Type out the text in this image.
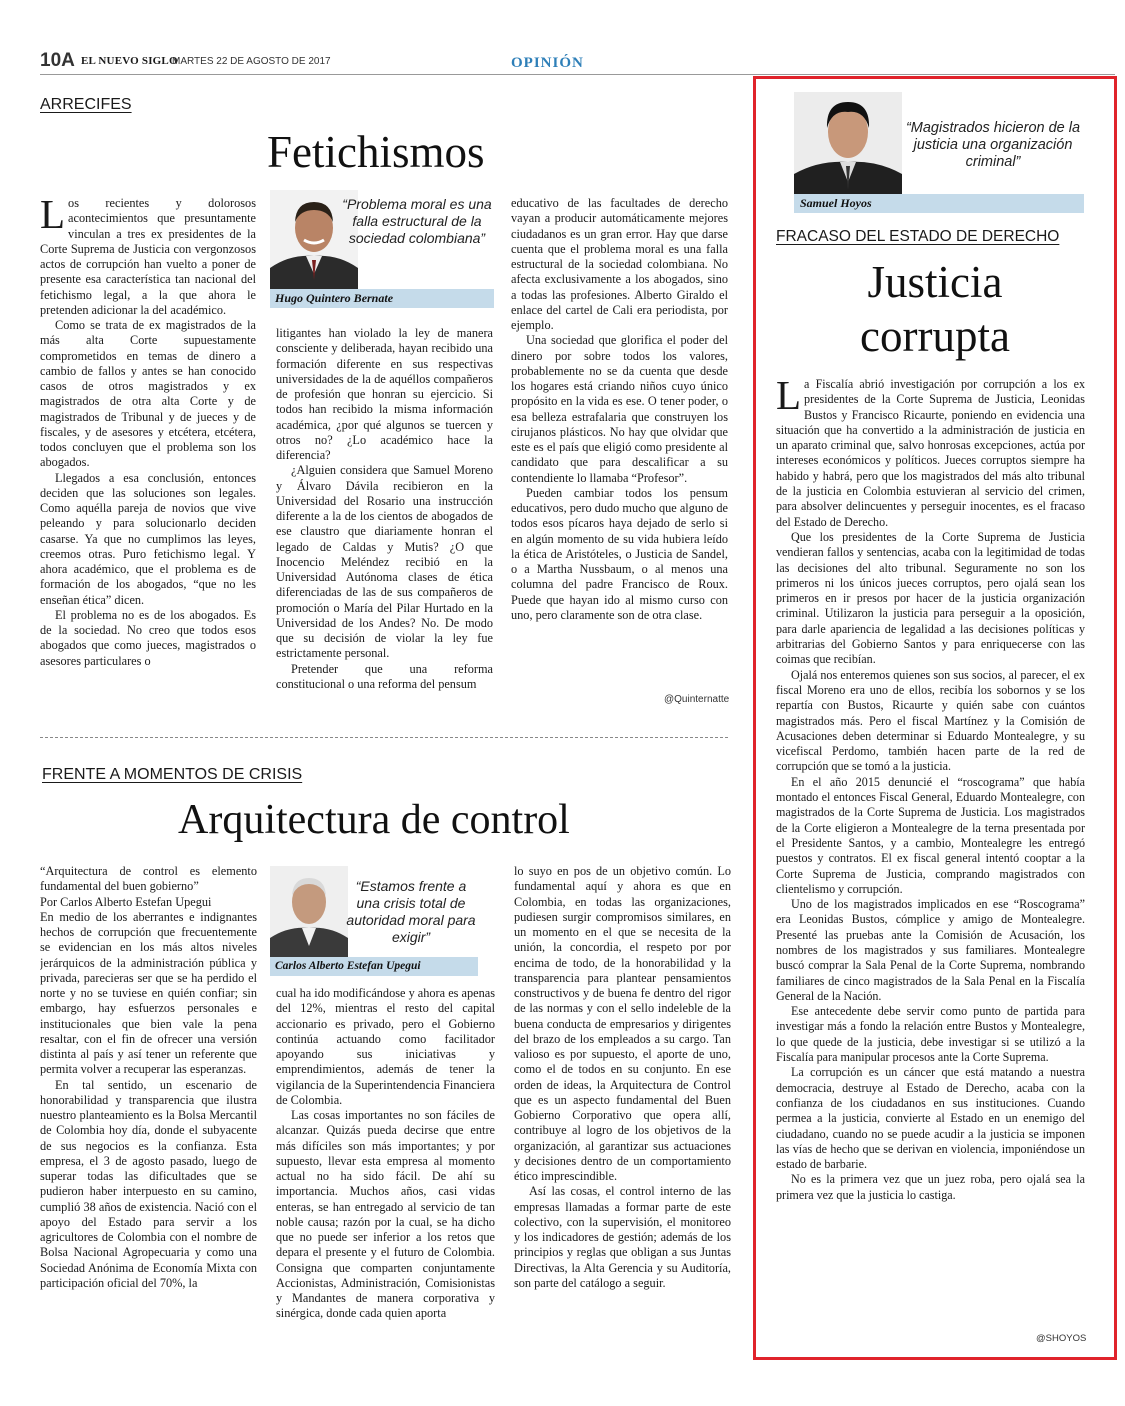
10A EL NUEVO SIGLO
MARTES 22 DE AGOSTO DE 2017	OPINIÓN
ARRECIFES
Fetichismos

Los recientes y dolorosos acontecimientos que presuntamente vinculan a tres ex presidentes de la Corte Suprema de Justicia con vergonzosos actos de corrupción han vuelto a poner de presente esa característica tan nacional del fetichismo legal, a la que ahora le pretenden adicionar la del académico.

Como se trata de ex magistrados de la más alta Corte supuestamente comprometidos en temas de dinero a cambio de fallos y antes se han conocido casos de otros magistrados y ex magistrados de otra alta Corte y de magistrados de Tribunal y de jueces y de fiscales, y de asesores y etcétera, etcétera, todos concluyen que el problema son los abogados.

Llegados a esa conclusión, entonces deciden que las soluciones son legales. Como aquélla pareja de novios que vive peleando y para solucionarlo deciden casarse. Ya que no cumplimos las leyes, creemos otras. Puro fetichismo legal. Y ahora académico, que el problema es de formación de los abogados, “que no les enseñan ética” dicen.

El problema no es de los abogados. Es de la sociedad. No creo que todos esos abogados que como jueces, magistrados o asesores particulares o

“Problema moral es una falla estructural de la sociedad colombiana”
Hugo Quintero Bernate

litigantes han violado la ley de manera consciente y deliberada, hayan recibido una formación diferente en sus respectivas universidades de la de aquéllos compañeros de profesión que honran su ejercicio. Si todos han recibido la misma información académica, ¿por qué algunos se tuercen y otros no? ¿Lo académico hace la diferencia?

¿Alguien considera que Samuel Moreno y Álvaro Dávila recibieron en la Universidad del Rosario una instrucción diferente a la de los cientos de abogados de ese claustro que diariamente honran el legado de Caldas y Mutis? ¿O que Inocencio Meléndez recibió en la Universidad Autónoma clases de ética diferenciadas de las de sus compañeros de promoción o María del Pilar Hurtado en la Universidad de los Andes? No. De modo que su decisión de violar la ley fue estrictamente personal.

Pretender que una reforma constitucional o una reforma del pensum

educativo de las facultades de derecho vayan a producir automáticamente mejores ciudadanos es un gran error. Hay que darse cuenta que el problema moral es una falla estructural de la sociedad colombiana. No afecta exclusivamente a los abogados, sino a todas las profesiones. Alberto Giraldo el enlace del cartel de Cali era periodista, por ejemplo.

Una sociedad que glorifica el poder del dinero por sobre todos los valores, probablemente no se da cuenta que desde los hogares está criando niños cuyo único propósito en la vida es ese. O tener poder, o esa belleza estrafalaria que construyen los cirujanos plásticos. No hay que olvidar que este es el país que eligió como presidente al candidato que para descalificar a su contendiente lo llamaba “Profesor”.

Pueden cambiar todos los pensum educativos, pero dudo mucho que alguno de todos esos pícaros haya dejado de serlo si en algún momento de su vida hubiera leído la ética de Aristóteles, o Justicia de Sandel, o a Martha Nussbaum, o al menos una columna del padre Francisco de Roux. Puede que hayan ido al mismo curso con uno, pero claramente son de otra clase.

@Quinternatte
FRENTE A MOMENTOS DE CRISIS
Arquitectura de control

“Arquitectura de control es elemento fundamental del buen gobierno”

Por Carlos Alberto Estefan Upegui

En medio de los aberrantes e indignantes hechos de corrupción que frecuentemente se evidencian en los más altos niveles jerárquicos de la administración pública y privada, parecieras ser que se ha perdido el norte y no se tuviese en quién confiar; sin embargo, hay esfuerzos personales e institucionales que bien vale la pena resaltar, con el fin de ofrecer una versión distinta al país y así tener un referente que permita volver a recuperar las esperanzas.

En tal sentido, un escenario de honorabilidad y transparencia que ilustra nuestro planteamiento es la Bolsa Mercantil de Colombia hoy día, donde el subyacente de sus negocios es la confianza. Esta empresa, el 3 de agosto pasado, luego de superar todas las dificultades que se pudieron haber interpuesto en su camino, cumplió 38 años de existencia. Nació con el apoyo del Estado para servir a los agricultores de Colombia con el nombre de Bolsa Nacional Agropecuaria y como una Sociedad Anónima de Economía Mixta con participación oficial del 70%, la

“Estamos frente a una crisis total de autoridad moral para exigir”
Carlos Alberto Estefan Upegui

cual ha ido modificándose y ahora es apenas del 12%, mientras el resto del capital accionario es privado, pero el Gobierno continúa actuando como facilitador apoyando sus iniciativas y emprendimientos, además de tener la vigilancia de la Superintendencia Financiera de Colombia.

Las cosas importantes no son fáciles de alcanzar. Quizás pueda decirse que entre más difíciles son más importantes; y por supuesto, llevar esta empresa al momento actual no ha sido fácil. De ahí su importancia. Muchos años, casi vidas enteras, se han entregado al servicio de tan noble causa; razón por la cual, se ha dicho que no puede ser inferior a los retos que depara el presente y el futuro de Colombia. Consigna que comparten conjuntamente Accionistas, Administración, Comisionistas y Mandantes de manera corporativa y sinérgica, donde cada quien aporta

lo suyo en pos de un objetivo común. Lo fundamental aquí y ahora es que en Colombia, en todas las organizaciones, pudiesen surgir compromisos similares, en un momento en el que se necesita de la unión, la concordia, el respeto por por encima de todo, de la honorabilidad y la transparencia para plantear pensamientos constructivos y de buena fe dentro del rigor de las normas y con el sello indeleble de la buena conducta de empresarios y dirigentes del brazo de los empleados a su cargo. Tan valioso es por supuesto, el aporte de uno, como el de todos en su conjunto. En ese orden de ideas, la Arquitectura de Control que es un aspecto fundamental del Buen Gobierno Corporativo que opera allí, contribuye al logro de los objetivos de la organización, al garantizar sus actuaciones y decisiones dentro de un comportamiento ético imprescindible.

Así las cosas, el control interno de las empresas llamadas a formar parte de este colectivo, con la supervisión, el monitoreo y los indicadores de gestión; además de los principios y reglas que obligan a sus Juntas Directivas, la Alta Gerencia y su Auditoría, son parte del catálogo a seguir.

“Magistrados hicieron de la justicia una organización criminal”
Samuel Hoyos
FRACASO DEL ESTADO DE DERECHO
Justicia
corrupta

La Fiscalía abrió investigación por corrupción a los ex presidentes de la Corte Suprema de Justicia, Leonidas Bustos y Francisco Ricaurte, poniendo en evidencia una situación que ha convertido a la administración de justicia en un aparato criminal que, salvo honrosas excepciones, actúa por intereses económicos y políticos. Jueces corruptos siempre ha habido y habrá, pero que los magistrados del más alto tribunal de la justicia en Colombia estuvieran al servicio del crimen, para absolver delincuentes y perseguir inocentes, es el fracaso del Estado de Derecho.

Que los presidentes de la Corte Suprema de Justicia vendieran fallos y sentencias, acaba con la legitimidad de todas las decisiones del alto tribunal. Seguramente no son los primeros ni los únicos jueces corruptos, pero ojalá sean los primeros en ir presos por hacer de la justicia organización criminal. Utilizaron la justicia para perseguir a la oposición, para darle apariencia de legalidad a las decisiones políticas y arbitrarias del Gobierno Santos y para enriquecerse con las coimas que recibían.

Ojalá nos enteremos quienes son sus socios, al parecer, el ex fiscal Moreno era uno de ellos, recibía los sobornos y se los repartía con Bustos, Ricaurte y quién sabe con cuántos magistrados más. Pero el fiscal Martínez y la Comisión de Acusaciones deben determinar si Eduardo Montealegre, y su vicefiscal Perdomo, también hacen parte de la red de corrupción que se tomó a la justicia.

En el año 2015 denuncié el “roscograma” que había montado el entonces Fiscal General, Eduardo Montealegre, con magistrados de la Corte Suprema de Justicia. Los magistrados de la Corte eligieron a Montealegre de la terna presentada por el Presidente Santos, y a cambio, Montealegre les entregó puestos y contratos. El ex fiscal general intentó cooptar a la Corte Suprema de Justicia, comprando magistrados con clientelismo y corrupción.

Uno de los magistrados implicados en ese “Roscograma” era Leonidas Bustos, cómplice y amigo de Montealegre. Presenté las pruebas ante la Comisión de Acusación, los nombres de los magistrados y sus familiares. Montealegre buscó comprar la Sala Penal de la Corte Suprema, nombrando familiares de cinco magistrados de la Sala Penal en la Fiscalía General de la Nación.

Ese antecedente debe servir como punto de partida para investigar más a fondo la relación entre Bustos y Montealegre, lo que quede de la justicia, debe investigar si se utilizó a la Fiscalía para manipular procesos ante la Corte Suprema.

La corrupción es un cáncer que está matando a nuestra democracia, destruye al Estado de Derecho, acaba con la confianza de los ciudadanos en sus instituciones. Cuando permea a la justicia, convierte al Estado en un enemigo del ciudadano, cuando no se puede acudir a la justicia se imponen las vías de hecho que se derivan en violencia, imponiéndose un estado de barbarie.

No es la primera vez que un juez roba, pero ojalá sea la primera vez que la justicia lo castiga.

@SHOYOS
